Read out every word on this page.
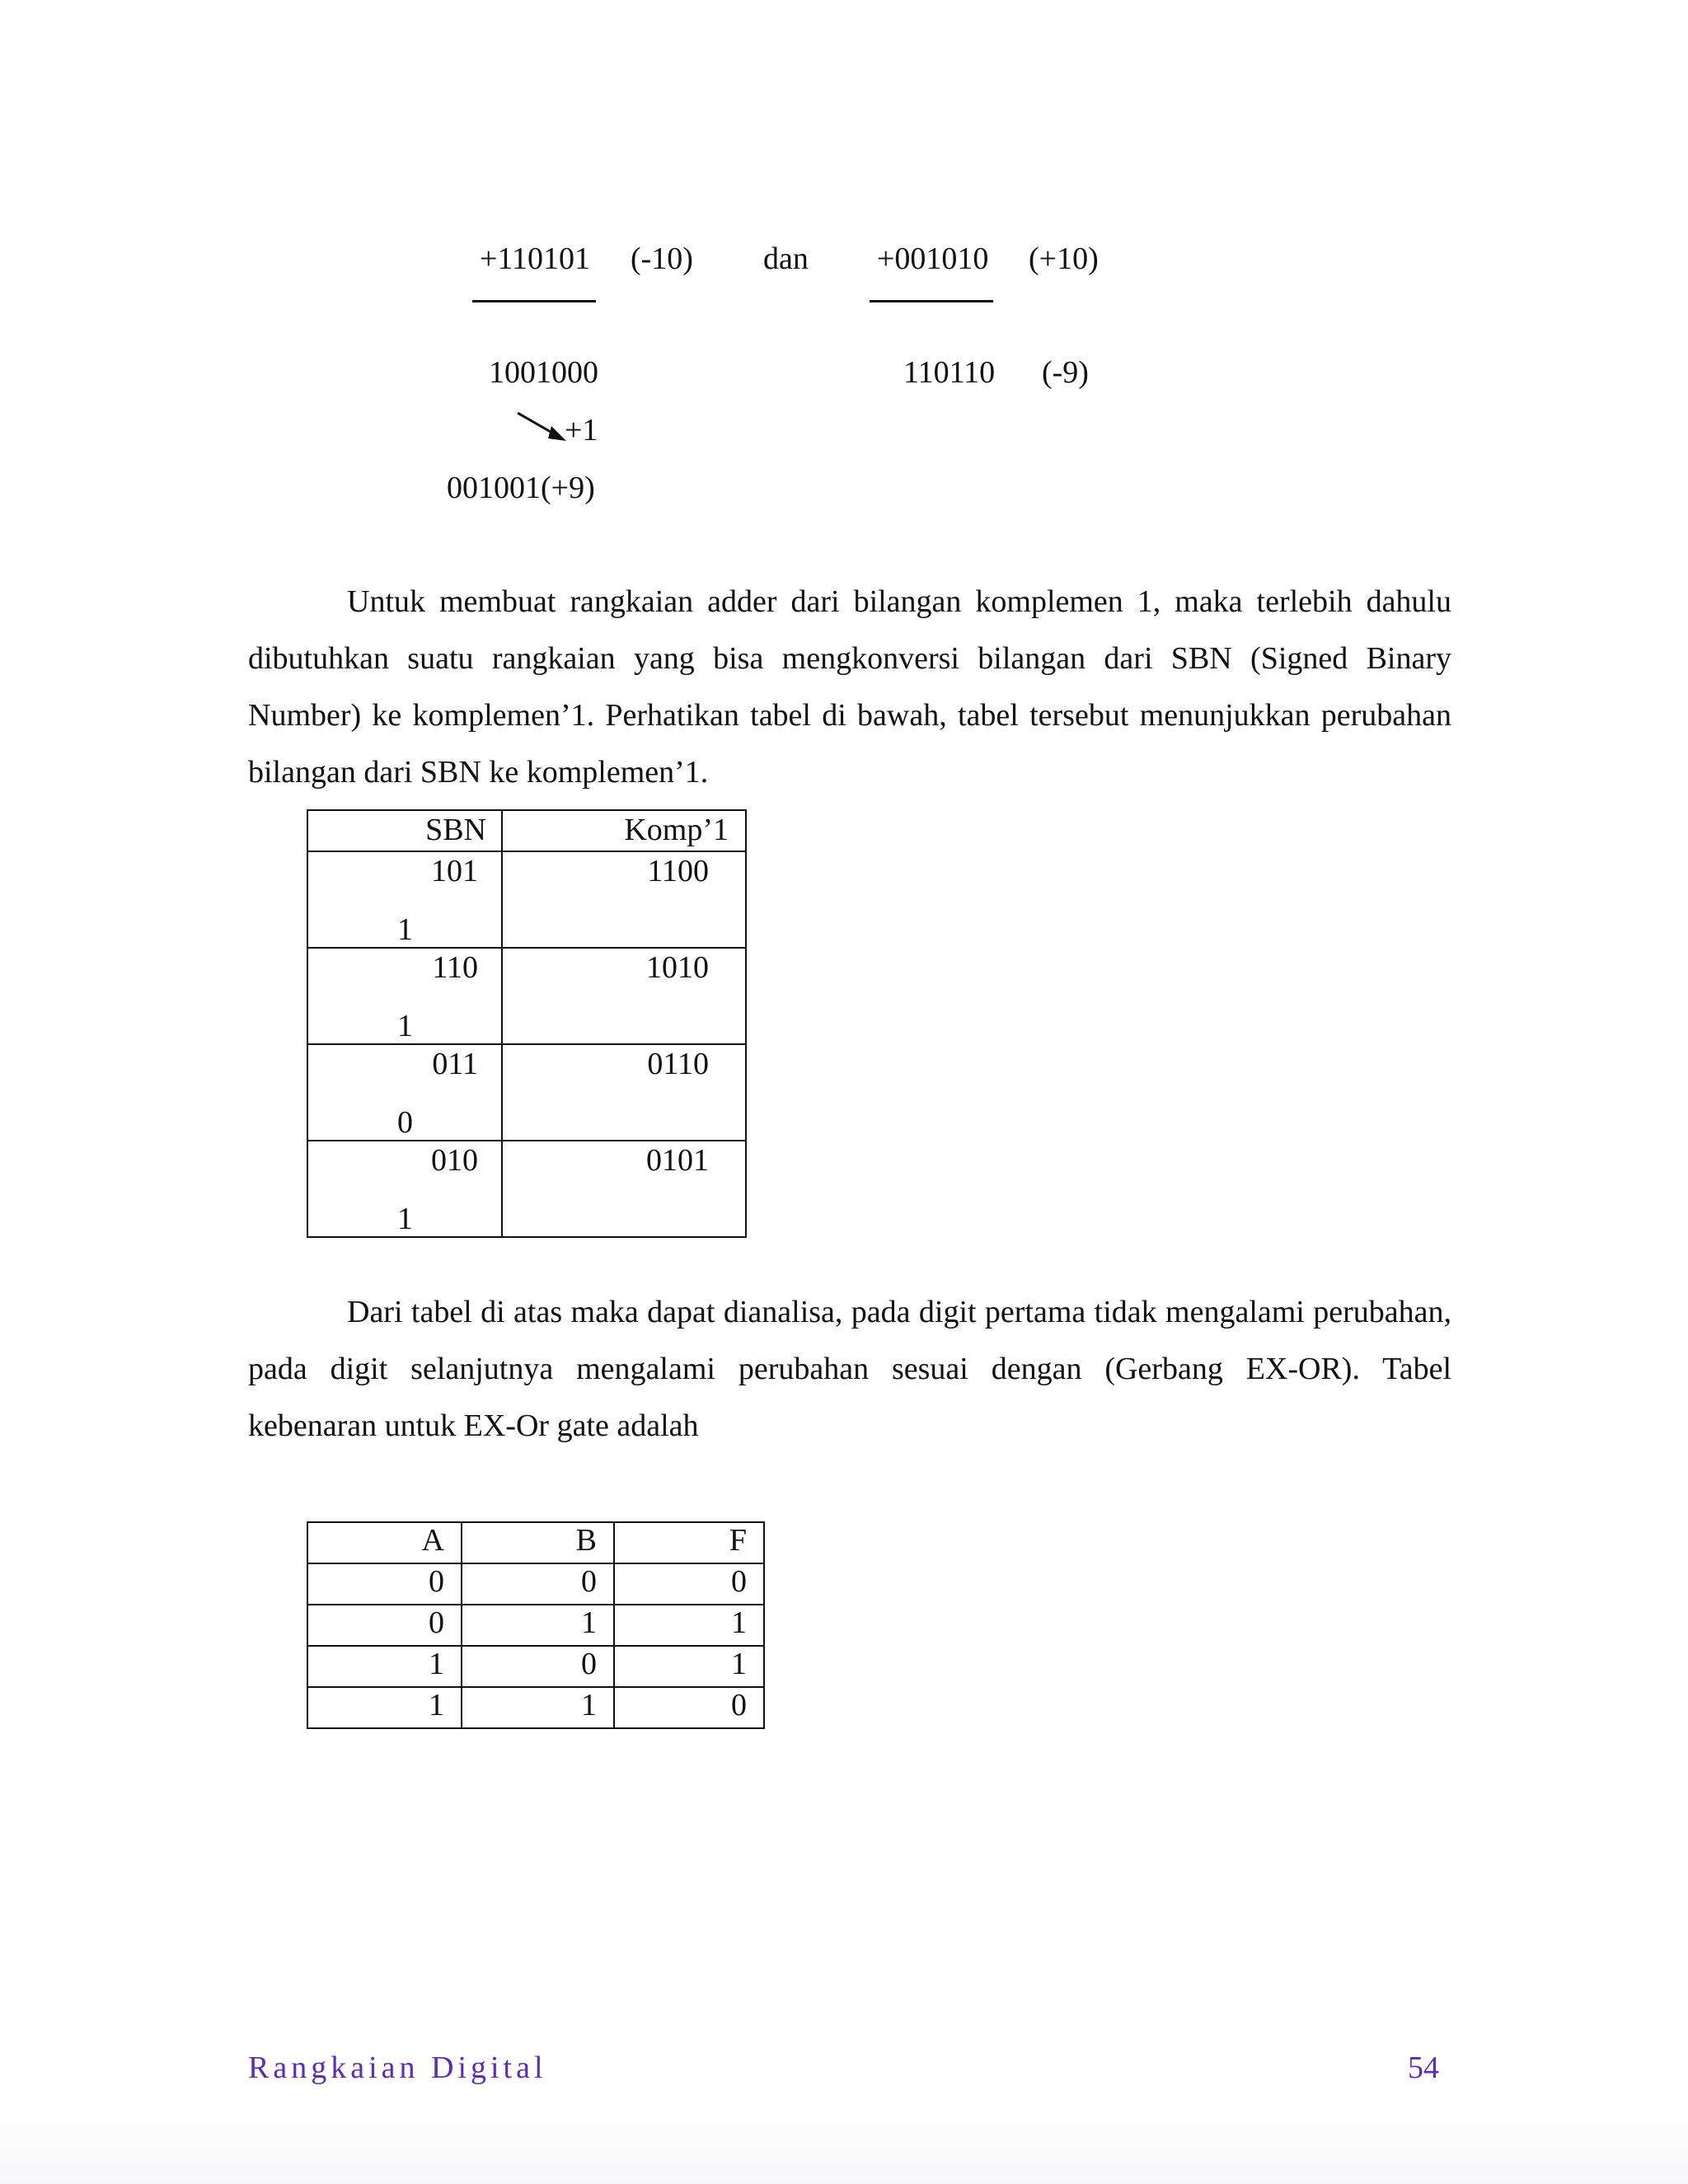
+110101 (-10) dan +001010 (+10)
1001000	110110 (-9)
+1
001001(+9)

Untuk membuat rangkaian adder dari bilangan komplemen 1, maka terlebih dahulu dibutuhkan suatu rangkaian yang bisa mengkonversi bilangan dari SBN (Signed Binary Number) ke komplemen’1. Perhatikan tabel di bawah, tabel tersebut menunjukkan perubahan bilangan dari SBN ke komplemen’1.

SBN	Komp’1

101
1	1100

110
1	1010

011
0	0110

010
1	0101

Dari tabel di atas maka dapat dianalisa, pada digit pertama tidak mengalami perubahan, pada digit selanjutnya mengalami perubahan sesuai dengan (Gerbang EX-OR). Tabel kebenaran untuk EX-Or gate adalah

A	B	F
0	0	0
0	1	1
1	0	1
1	1	0
Rangkaian Digital	54
